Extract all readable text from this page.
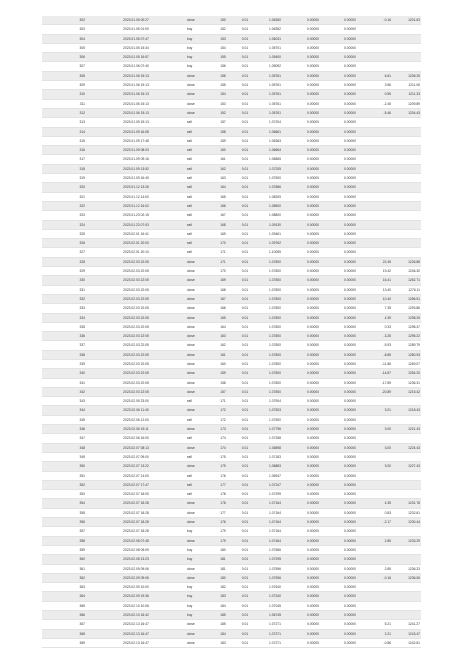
302	2023.01.05 00:27	close	150	0.01	1.06280	0.00000	0.00000	-0.16	1201.63
303	2023.01.05 01:00	buy	152	0.01	1.06352	0.00000	0.00000		
304	2023.01.05 07:47	buy	153	0.01	1.06031	0.00000	0.00000		
305	2023.01.05 15:34	buy	154	0.01	1.05701	0.00000	0.00000		
306	2023.01.05 16:57	buy	155	0.01	1.05400	0.00000	0.00000		
307	2023.01.06 07:40	buy	156	0.01	1.05092	0.00000	0.00000		
308	2023.01.06 15:13	close	156	0.01	1.05761	0.00000	0.00000	6.61	1208.25
309	2023.01.06 15:13	close	155	0.01	1.05761	0.00000	0.00000	3.56	1211.06
310	2023.01.06 15:13	close	154	0.01	1.05761	0.00000	0.00000	0.55	1211.33
311	2023.01.06 15:13	close	153	0.01	1.05761	0.00000	0.00000	-2.45	1209.89
312	2023.01.06 15:13	close	152	0.01	1.05761	0.00000	0.00000	-5.46	1204.43
313	2023.01.09 15:13	sell	157	0.01	1.07204	0.00000	0.00000		
314	2023.01.09 16:08	sell	158	0.01	1.06661	0.00000	0.00000		
315	2023.01.09 17:48	sell	159	0.01	1.06363	0.00000	0.00000		
316	2023.01.09 08:03	sell	160	0.01	1.06664	0.00000	0.00000		
317	2023.01.09 09:16	sell	161	0.01	1.06865	0.00000	0.00000		
318	2023.01.09 13:52	sell	162	0.01	1.07205	0.00000	0.00000		
319	2023.01.09 16:49	sell	163	0.01	1.07500	0.00000	0.00000		
320	2023.01.12 13:26	sell	164	0.01	1.07866	0.00000	0.00000		
321	2023.01.12 14:00	sell	165	0.01	1.08209	0.00000	0.00000		
322	2023.01.12 16:02	sell	166	0.01	1.08500	0.00000	0.00000		
323	2023.01.23 02:15	sell	167	0.01	1.08800	0.00000	0.00000		
324	2023.01.23 07:03	sell	168	0.01	1.09130	0.00000	0.00000		
325	2023.02.01 16:41	sell	169	0.01	1.09461	0.00000	0.00000		
326	2023.02.01 20:00	sell	170	0.01	1.09762	0.00000	0.00000		
327	2023.02.01 20:10	sell	171	0.01	1.10055	0.00000	0.00000		
328	2023.02.03 22:05	close	171	0.01	1.07800	0.00000	0.00000	22.45	1226.88
329	2023.02.03 22:05	close	170	0.01	1.07800	0.00000	0.00000	19.42	1246.30
330	2023.02.03 22:05	close	169	0.01	1.07800	0.00000	0.00000	16.41	1262.71
331	2023.02.03 22:05	close	168	0.01	1.07800	0.00000	0.00000	13.40	1276.11
332	2023.02.03 22:05	close	167	0.01	1.07800	0.00000	0.00000	10.40	1286.51
333	2023.02.03 22:05	close	166	0.01	1.07800	0.00000	0.00000	7.35	1293.86
334	2023.02.03 22:05	close	165	0.01	1.07800	0.00000	0.00000	4.39	1298.25
335	2023.02.03 22:05	close	164	0.01	1.07800	0.00000	0.00000	0.33	1298.47
336	2023.02.03 22:05	close	163	0.01	1.07800	0.00000	0.00000	-3.25	1295.22
337	2023.02.03 22:05	close	162	0.01	1.07800	0.00000	0.00000	-5.93	1289.79
338	2023.02.03 22:05	close	161	0.01	1.07800	0.00000	0.00000	-8.85	1280.93
339	2023.02.03 22:05	close	160	0.01	1.07800	0.00000	0.00000	-11.86	1269.07
340	2023.02.03 22:05	close	159	0.01	1.07800	0.00000	0.00000	-14.87	1254.20
341	2023.02.03 22:05	close	158	0.01	1.07800	0.00000	0.00000	-17.89	1236.31
342	2023.02.03 22:05	close	157	0.01	1.07800	0.00000	0.00000	-20.89	1215.42
343	2023.02.05 23:00	sell	171	0.01	1.07904	0.00000	0.00000		
344	2023.02.06 11:40	close	172	0.01	1.07503	0.00000	0.00000	3.01	1218.43
345	2023.02.06 12:00	sell	172	0.01	1.07500	0.00000	0.00000		
346	2023.02.06 15:11	close	173	0.01	1.07796	0.00000	0.00000	3.00	1221.43
347	2023.02.06 16:00	sell	174	0.01	1.07268	0.00000	0.00000		
348	2023.02.07 08:13	close	174	0.01	1.06898	0.00000	0.00000	3.00	1224.43
349	2023.02.07 09:00	sell	175	0.01	1.07183	0.00000	0.00000		
350	2023.02.07 13:22	close	175	0.01	1.06883	0.00000	0.00000	3.00	1227.43
351	2023.02.07 14:00	sell	176	0.01	1.06947	0.00000	0.00000		
352	2023.02.07 17:47	sell	177	0.01	1.07247	0.00000	0.00000		
353	2023.02.07 18:00	sell	178	0.01	1.07299	0.00000	0.00000		
354	2023.02.07 18:28	close	178	0.01	1.07164	0.00000	0.00000	4.35	1231.78
355	2023.02.07 18:28	close	177	0.01	1.07164	0.00000	0.00000	0.83	1232.61
356	2023.02.07 18:28	close	176	0.01	1.07164	0.00000	0.00000	-2.17	1230.44
357	2023.02.07 18:28	buy	179	0.01	1.07164	0.00000	0.00000		
358	2023.02.08 07:48	close	179	0.01	1.07464	0.00000	0.00000	2.85	1233.29
359	2023.02.08 09:09	buy	180	0.01	1.07566	0.00000	0.00000		
360	2023.02.08 13:23	buy	181	0.01	1.07295	0.00000	0.00000		
361	2023.02.09 09:06	close	181	0.01	1.07596	0.00000	0.00000	2.85	1236.23
362	2023.02.09 09:06	close	180	0.01	1.07596	0.00000	0.00000	-0.16	1236.06
363	2023.02.09 10:00	buy	182	0.01	1.07640	0.00000	0.00000		
364	2023.02.09 19:36	buy	183	0.01	1.07340	0.00000	0.00000		
365	2023.02.10 10:06	buy	184	0.01	1.07045	0.00000	0.00000		
366	2023.02.10 16:42	buy	185	0.01	1.06745	0.00000	0.00000		
367	2023.02.13 16:47	close	185	0.01	1.07271	0.00000	0.00000	5.21	1241.27
368	2023.02.13 16:47	close	184	0.01	1.07271	0.00000	0.00000	2.21	1243.47
369	2023.02.13 16:47	close	183	0.01	1.07271	0.00000	0.00000	-0.86	1242.61
